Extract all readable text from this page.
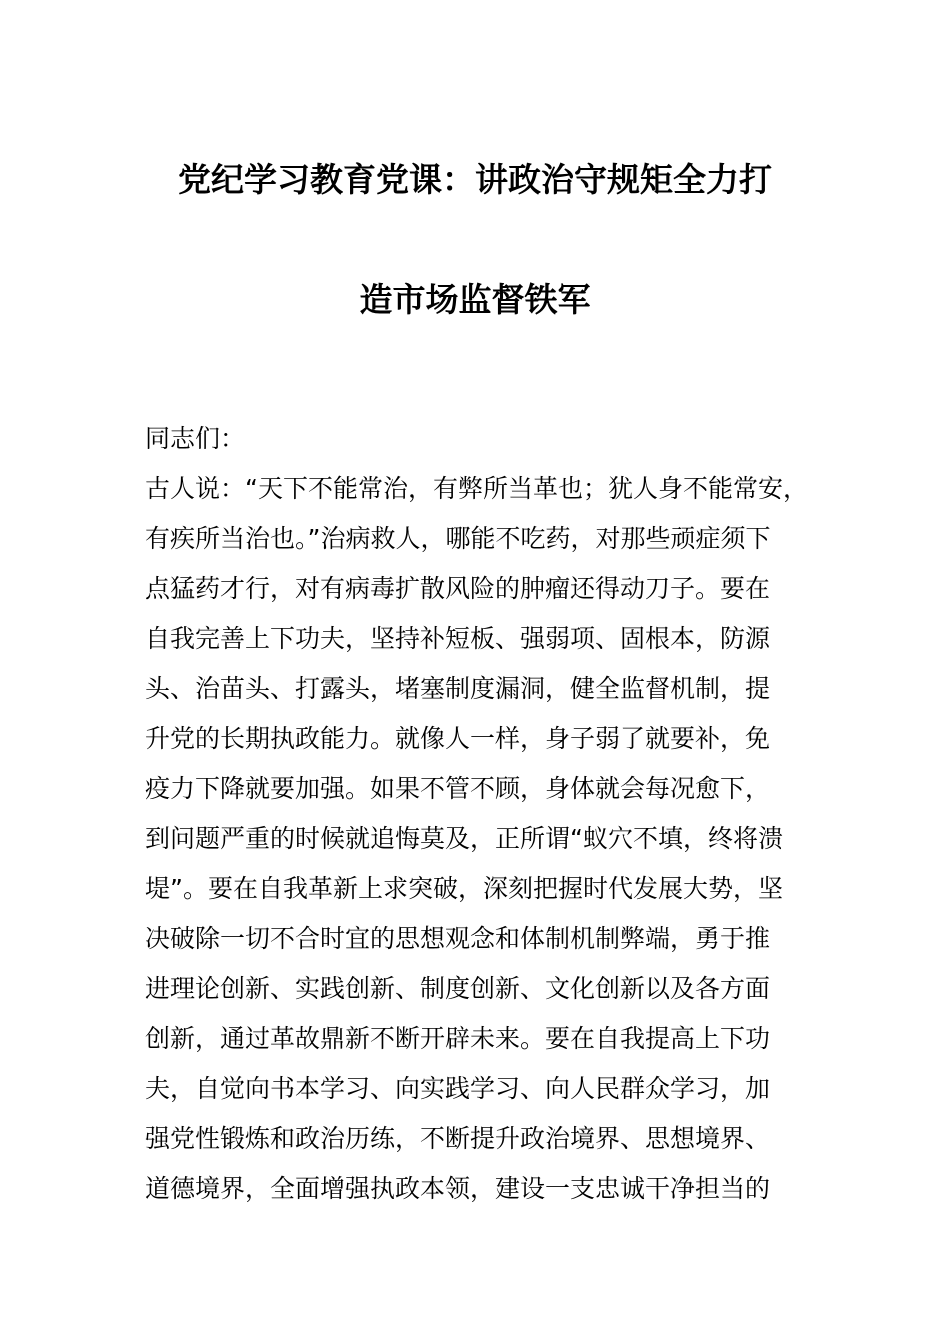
党纪学习教育党课：讲政治守规矩全力打
造市场监督铁军
同志们：
古人说：“天下不能常治，有弊所当革也；犹人身不能常安，
有疾所当治也。”治病救人，哪能不吃药，对那些顽症须下
点猛药才行，对有病毒扩散风险的肿瘤还得动刀子。要在
自我完善上下功夫，坚持补短板、强弱项、固根本，防源
头、治苗头、打露头，堵塞制度漏洞，健全监督机制，提
升党的长期执政能力。就像人一样，身子弱了就要补，免
疫力下降就要加强。如果不管不顾，身体就会每况愈下，
到问题严重的时候就追悔莫及，正所谓“蚁穴不填，终将溃
堤”。要在自我革新上求突破，深刻把握时代发展大势，坚
决破除一切不合时宜的思想观念和体制机制弊端，勇于推
进理论创新、实践创新、制度创新、文化创新以及各方面
创新，通过革故鼎新不断开辟未来。要在自我提高上下功
夫，自觉向书本学习、向实践学习、向人民群众学习，加
强党性锻炼和政治历练，不断提升政治境界、思想境界、
道德境界，全面增强执政本领，建设一支忠诚干净担当的
